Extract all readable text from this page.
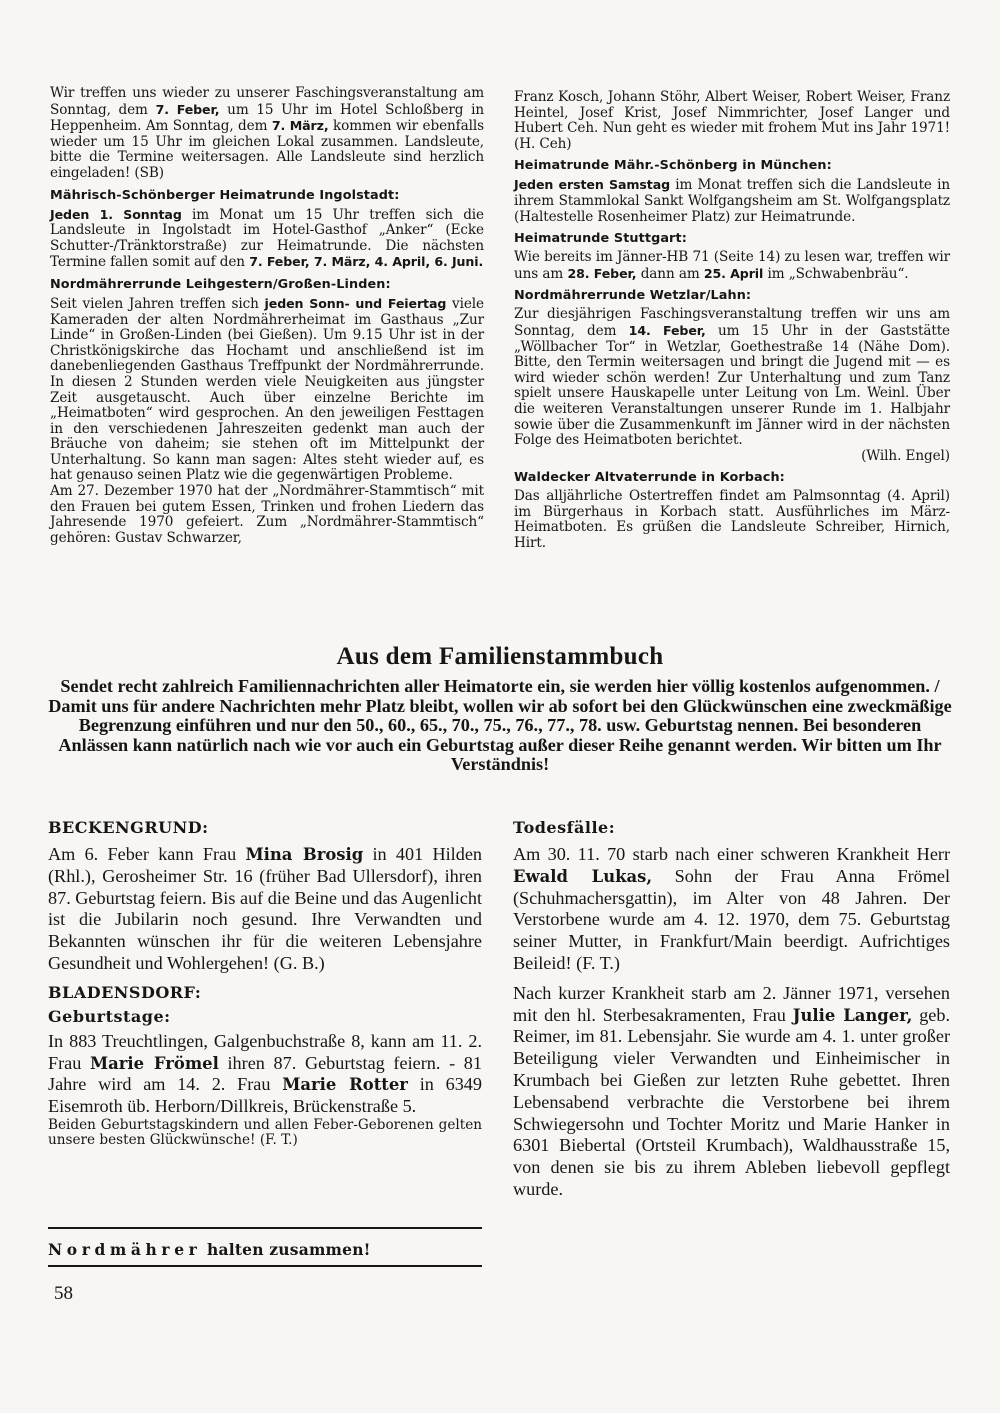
Wir treffen uns wieder zu unserer Faschingsveranstaltung am Sonntag, dem 7. Feber, um 15 Uhr im Hotel Schloßberg in Heppenheim. Am Sonntag, dem 7. März, kommen wir ebenfalls wieder um 15 Uhr im gleichen Lokal zusammen. Landsleute, bitte die Termine weitersagen. Alle Landsleute sind herzlich eingeladen! (SB)

Mährisch-Schönberger Heimatrunde Ingolstadt:

Jeden 1. Sonntag im Monat um 15 Uhr treffen sich die Landsleute in Ingolstadt im Hotel-Gasthof „Anker“ (Ecke Schutter-/Tränktorstraße) zur Heimatrunde. Die nächsten Termine fallen somit auf den 7. Feber, 7. März, 4. April, 6. Juni.

Nordmährerrunde Leihgestern/Großen-Linden:

Seit vielen Jahren treffen sich jeden Sonn- und Feiertag viele Kameraden der alten Nordmährerheimat im Gasthaus „Zur Linde“ in Großen-Linden (bei Gießen). Um 9.15 Uhr ist in der Christkönigskirche das Hochamt und anschließend ist im danebenliegenden Gasthaus Treffpunkt der Nordmährerrunde. In diesen 2 Stunden werden viele Neuigkeiten aus jüngster Zeit ausgetauscht. Auch über einzelne Berichte im „Heimatboten“ wird gesprochen. An den jeweiligen Festtagen in den verschiedenen Jahreszeiten gedenkt man auch der Bräuche von daheim; sie stehen oft im Mittelpunkt der Unterhaltung. So kann man sagen: Altes steht wieder auf, es hat genauso seinen Platz wie die gegenwärtigen Probleme.

Am 27. Dezember 1970 hat der „Nordmährer-Stammtisch“ mit den Frauen bei gutem Essen, Trinken und frohen Liedern das Jahresende 1970 gefeiert. Zum „Nordmährer-Stammtisch“ gehören: Gustav Schwarzer,

Franz Kosch, Johann Stöhr, Albert Weiser, Robert Weiser, Franz Heintel, Josef Krist, Josef Nimmrichter, Josef Langer und Hubert Ceh. Nun geht es wieder mit frohem Mut ins Jahr 1971! (H. Ceh)

Heimatrunde Mähr.-Schönberg in München:

Jeden ersten Samstag im Monat treffen sich die Landsleute in ihrem Stammlokal Sankt Wolfgangsheim am St. Wolfgangsplatz (Haltestelle Rosenheimer Platz) zur Heimatrunde.

Heimatrunde Stuttgart:

Wie bereits im Jänner-HB 71 (Seite 14) zu lesen war, treffen wir uns am 28. Feber, dann am 25. April im „Schwabenbräu“.

Nordmährerrunde Wetzlar/Lahn:

Zur diesjährigen Faschingsveranstaltung treffen wir uns am Sonntag, dem 14. Feber, um 15 Uhr in der Gaststätte „Wöllbacher Tor“ in Wetzlar, Goethestraße 14 (Nähe Dom). Bitte, den Termin weitersagen und bringt die Jugend mit — es wird wieder schön werden! Zur Unterhaltung und zum Tanz spielt unsere Hauskapelle unter Leitung von Lm. Weinl. Über die weiteren Veranstaltungen unserer Runde im 1. Halbjahr sowie über die Zusammenkunft im Jänner wird in der nächsten Folge des Heimatboten berichtet.

(Wilh. Engel)

Waldecker Altvaterrunde in Korbach:

Das alljährliche Ostertreffen findet am Palmsonntag (4. April) im Bürgerhaus in Korbach statt. Ausführliches im März-Heimatboten. Es grüßen die Landsleute Schreiber, Hirnich, Hirt.

Aus dem Familienstammbuch
Sendet recht zahlreich Familiennachrichten aller Heimatorte ein, sie werden hier völlig kostenlos aufgenommen. / Damit uns für andere Nachrichten mehr Platz bleibt, wollen wir ab sofort bei den Glückwünschen eine zweckmäßige Begrenzung einführen und nur den 50., 60., 65., 70., 75., 76., 77., 78. usw. Geburtstag nennen. Bei besonderen Anlässen kann natürlich nach wie vor auch ein Geburtstag außer dieser Reihe genannt werden. Wir bitten um Ihr Verständnis!

BECKENGRUND:

Am 6. Feber kann Frau Mina Brosig in 401 Hilden (Rhl.), Gerosheimer Str. 16 (früher Bad Ullersdorf), ihren 87. Geburtstag feiern. Bis auf die Beine und das Augenlicht ist die Jubilarin noch gesund. Ihre Verwandten und Bekannten wünschen ihr für die weiteren Lebensjahre Gesundheit und Wohlergehen! (G. B.)

BLADENSDORF:

Geburtstage:

In 883 Treuchtlingen, Galgenbuchstraße 8, kann am 11. 2. Frau Marie Frömel ihren 87. Geburtstag feiern. - 81 Jahre wird am 14. 2. Frau Marie Rotter in 6349 Eisemroth üb. Herborn/Dillkreis, Brückenstraße 5.

Beiden Geburtstagskindern und allen Feber-Geborenen gelten unsere besten Glückwünsche! (F. T.)

Nordmährer halten zusammen!

Todesfälle:

Am 30. 11. 70 starb nach einer schweren Krankheit Herr Ewald Lukas, Sohn der Frau Anna Frömel (Schuhmachersgattin), im Alter von 48 Jahren. Der Verstorbene wurde am 4. 12. 1970, dem 75. Geburtstag seiner Mutter, in Frankfurt/Main beerdigt. Aufrichtiges Beileid! (F. T.)

Nach kurzer Krankheit starb am 2. Jänner 1971, versehen mit den hl. Sterbesakramenten, Frau Julie Langer, geb. Reimer, im 81. Lebensjahr. Sie wurde am 4. 1. unter großer Beteiligung vieler Verwandten und Einheimischer in Krumbach bei Gießen zur letzten Ruhe gebettet. Ihren Lebensabend verbrachte die Verstorbene bei ihrem Schwiegersohn und Tochter Moritz und Marie Hanker in 6301 Biebertal (Ortsteil Krumbach), Waldhausstraße 15, von denen sie bis zu ihrem Ableben liebevoll gepflegt wurde.

58
